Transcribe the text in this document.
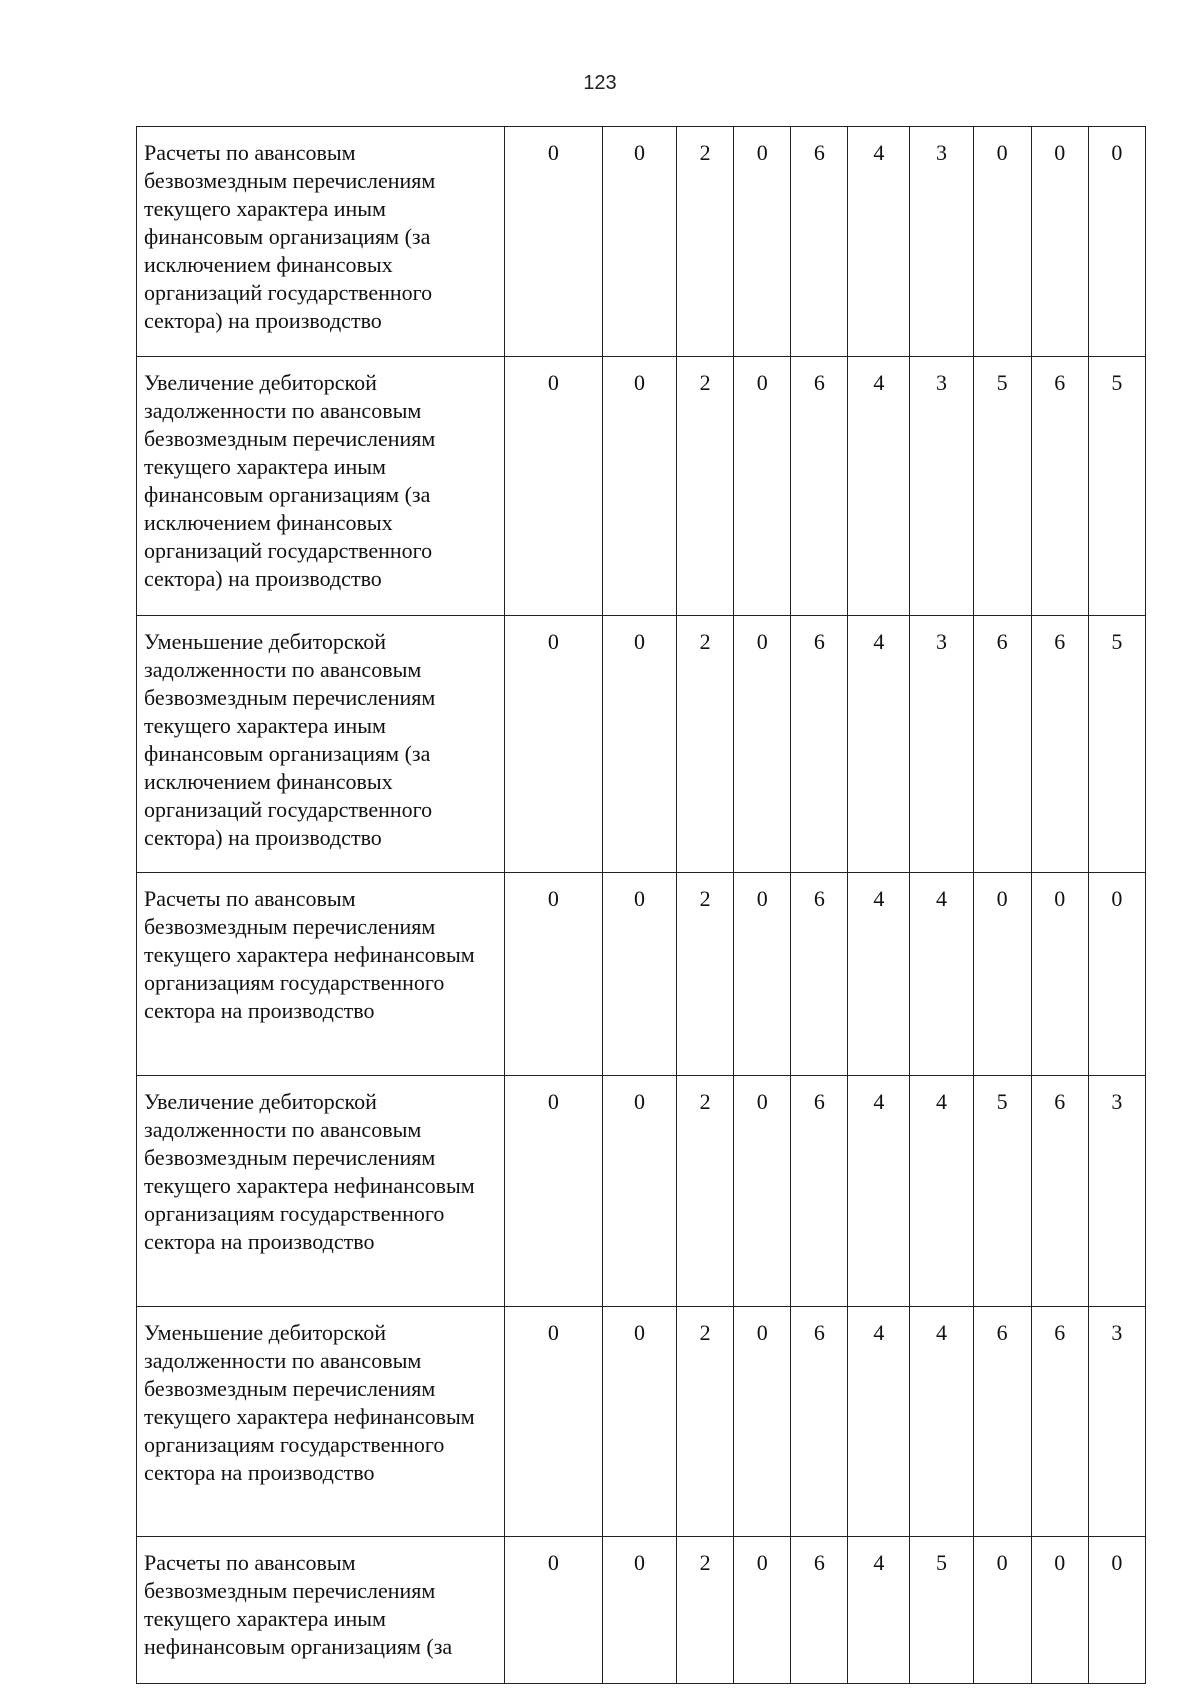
123
Расчеты по авансовым безвозмездным перечислениям текущего характера иным финансовым организациям (за исключением финансовых организаций государственного сектора) на производство	0	0	2	0	6	4	3	0	0	0
Увеличение дебиторской задолженности по авансовым безвозмездным перечислениям текущего характера иным финансовым организациям (за исключением финансовых организаций государственного сектора) на производство	0	0	2	0	6	4	3	5	6	5
Уменьшение дебиторской задолженности по авансовым безвозмездным перечислениям текущего характера иным финансовым организациям (за исключением финансовых организаций государственного сектора) на производство	0	0	2	0	6	4	3	6	6	5
Расчеты по авансовым безвозмездным перечислениям текущего характера нефинансовым организациям государственного сектора на производство	0	0	2	0	6	4	4	0	0	0
Увеличение дебиторской задолженности по авансовым безвозмездным перечислениям текущего характера нефинансовым организациям государственного сектора на производство	0	0	2	0	6	4	4	5	6	3
Уменьшение дебиторской задолженности по авансовым безвозмездным перечислениям текущего характера нефинансовым организациям государственного сектора на производство	0	0	2	0	6	4	4	6	6	3
Расчеты по авансовым безвозмездным перечислениям текущего характера иным нефинансовым организациям (за	0	0	2	0	6	4	5	0	0	0
